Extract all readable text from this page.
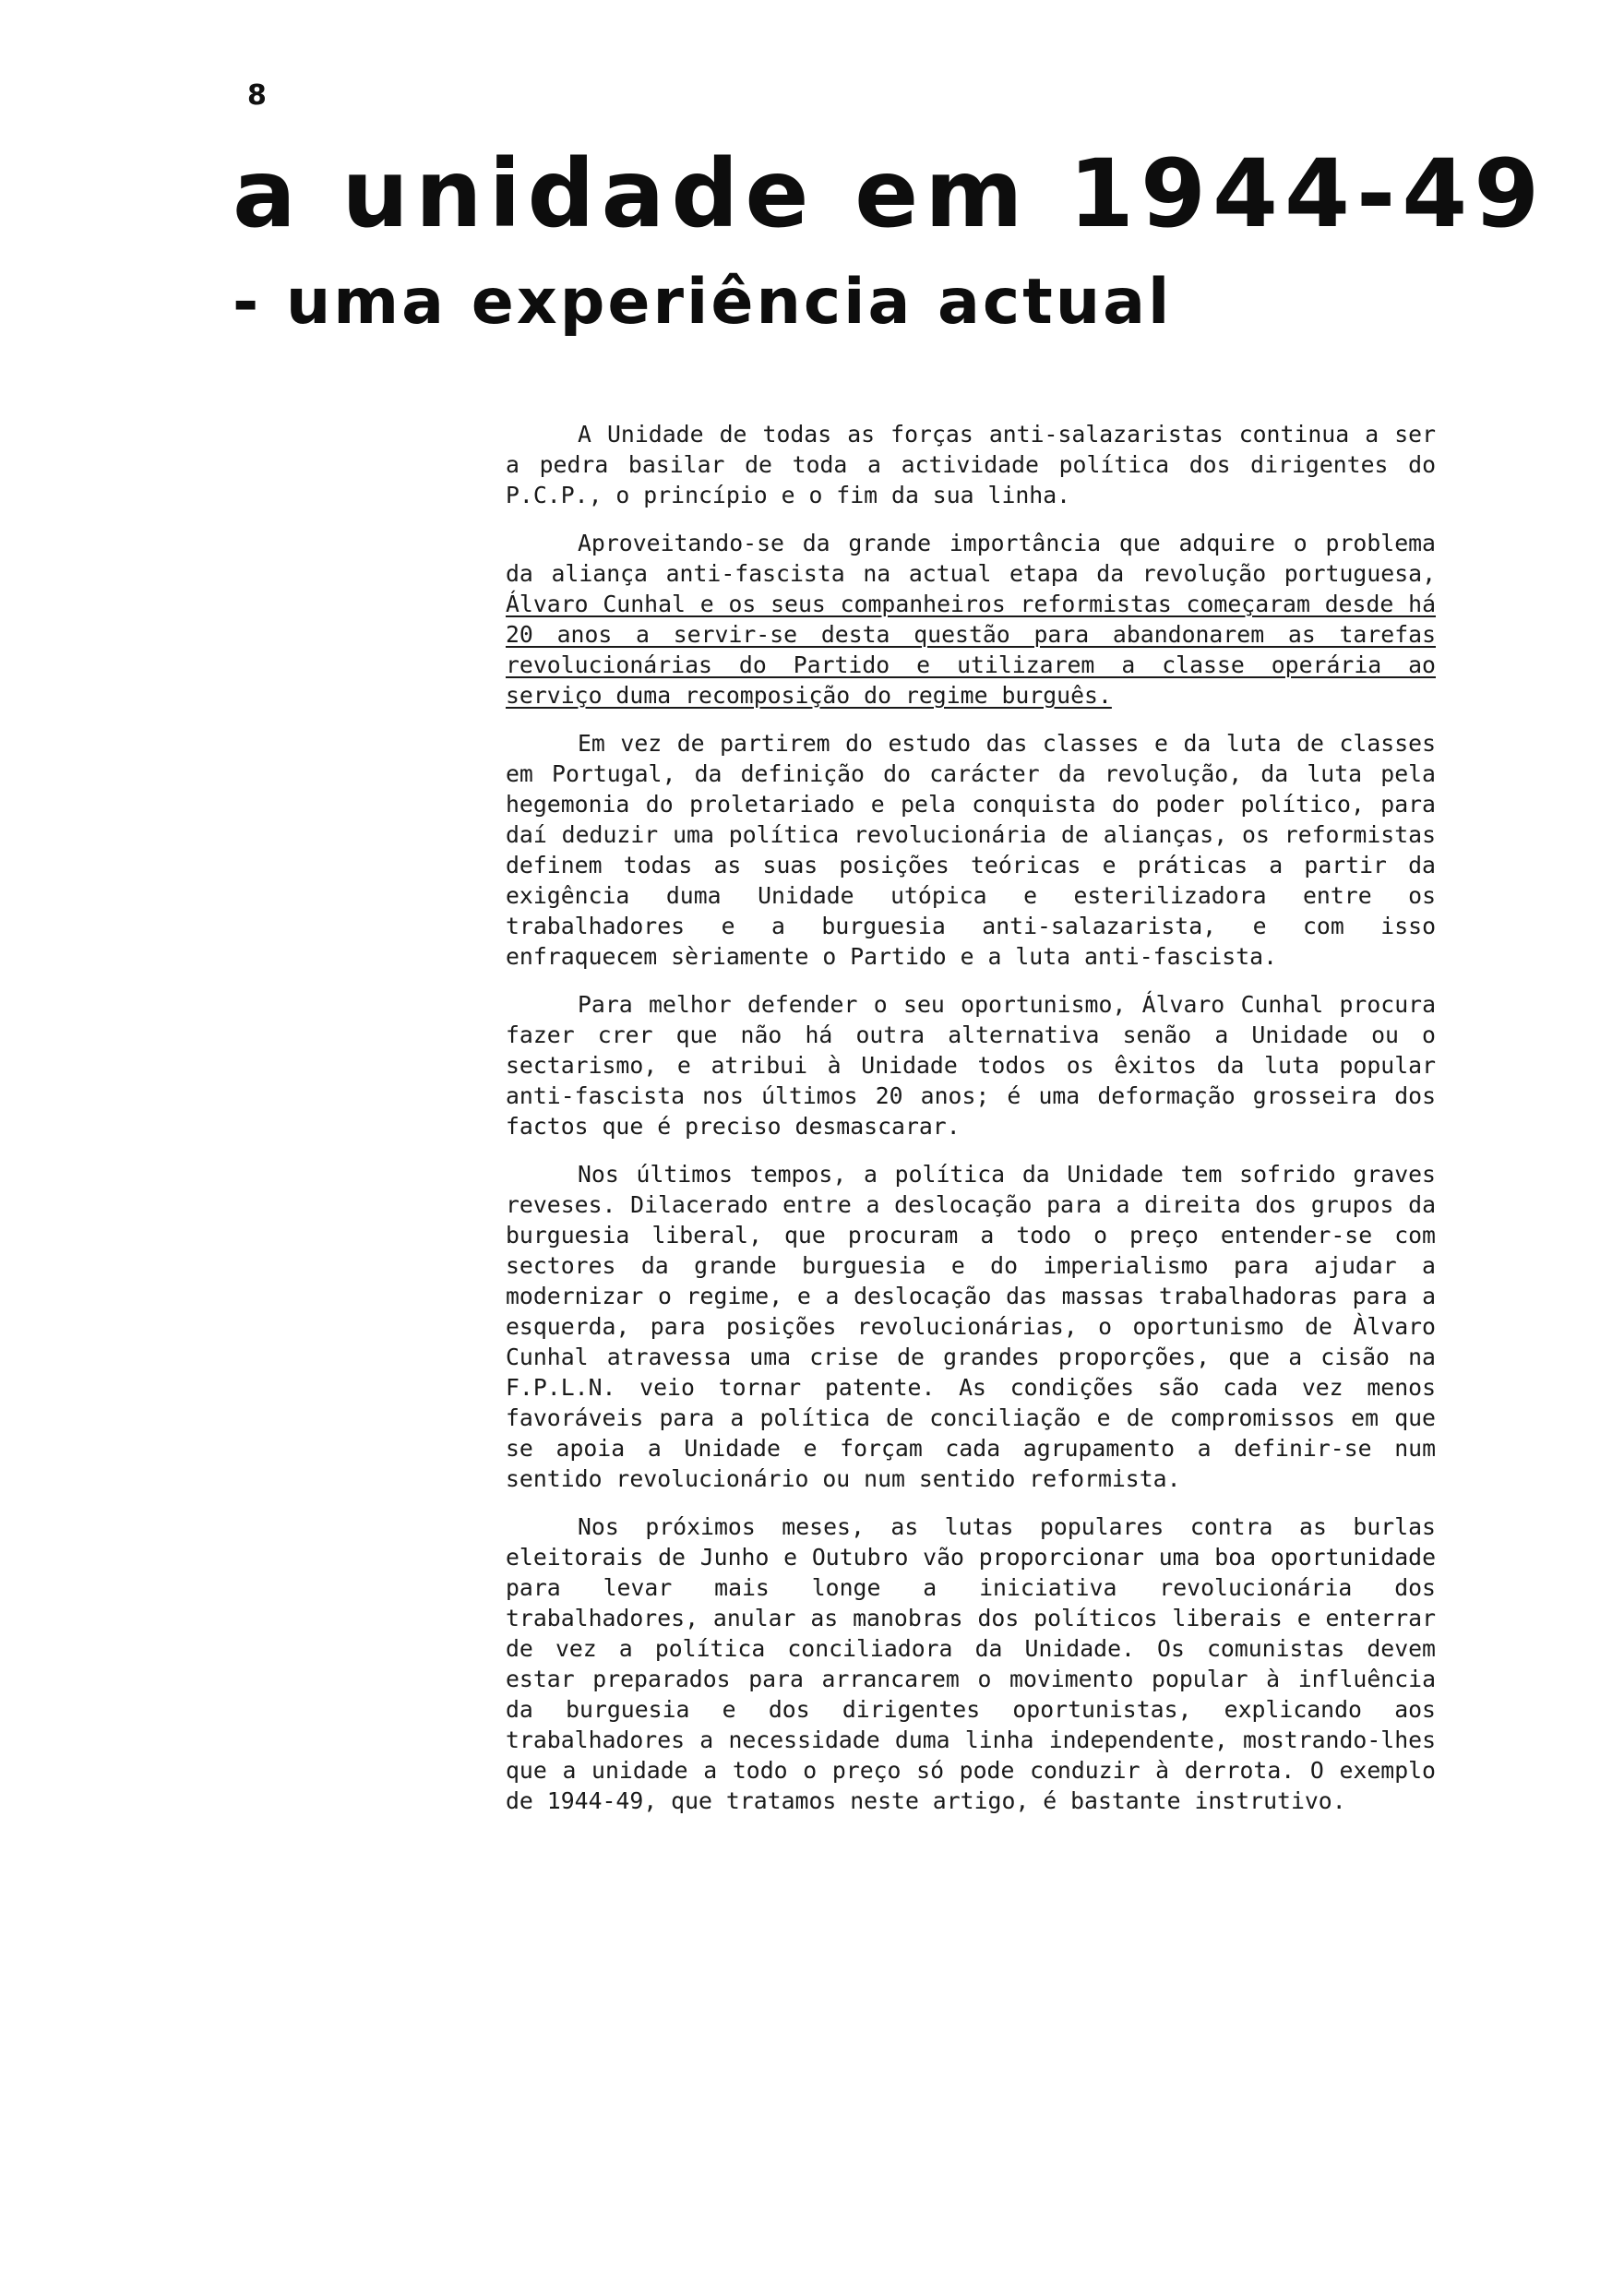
8
a unidade em 1944-49
- uma experiência actual

A Unidade de todas as forças anti-salazaristas continua a ser a pedra basilar de toda a actividade política dos dirigentes do P.C.P., o princípio e o fim da sua linha.

Aproveitando-se da grande importância que adquire o problema da aliança anti-fascista na actual etapa da revolução portuguesa, Álvaro Cunhal e os seus companheiros reformistas começaram desde há 20 anos a servir-se desta questão para abandonarem as tarefas revolucionárias do Partido e utilizarem a classe operária ao serviço duma recomposição do regime burguês.

Em vez de partirem do estudo das classes e da luta de classes em Portugal, da definição do carácter da revolução, da luta pela hegemonia do proletariado e pela conquista do poder político, para daí deduzir uma política revolucionária de alianças, os reformistas definem todas as suas posições teóricas e práticas a partir da exigência duma Unidade utópica e esterilizadora entre os trabalhadores e a burguesia anti-salazarista, e com isso enfraquecem sèriamente o Partido e a luta anti-fascista.

Para melhor defender o seu oportunismo, Álvaro Cunhal procura fazer crer que não há outra alternativa senão a Unidade ou o sectarismo, e atribui à Unidade todos os êxitos da luta popular anti-fascista nos últimos 20 anos; é uma deformação grosseira dos factos que é preciso desmascarar.

Nos últimos tempos, a política da Unidade tem sofrido graves reveses. Dilacerado entre a deslocação para a direita dos grupos da burguesia liberal, que procuram a todo o preço entender-se com sectores da grande burguesia e do imperialismo para ajudar a modernizar o regime, e a deslocação das massas trabalhadoras para a esquerda, para posições revolucionárias, o oportunismo de Àlvaro Cunhal atravessa uma crise de grandes proporções, que a cisão na F.P.L.N. veio tornar patente. As condições são cada vez menos favoráveis para a política de conciliação e de compromissos em que se apoia a Unidade e forçam cada agrupamento a definir-se num sentido revolucionário ou num sentido reformista.

Nos próximos meses, as lutas populares contra as burlas eleitorais de Junho e Outubro vão proporcionar uma boa oportunidade para levar mais longe a iniciativa revolucionária dos trabalhadores, anular as manobras dos políticos liberais e enterrar de vez a política conciliadora da Unidade. Os comunistas devem estar preparados para arrancarem o movimento popular à influência da burguesia e dos dirigentes oportunistas, explicando aos trabalhadores a necessidade duma linha independente, mostrando-lhes que a unidade a todo o preço só pode conduzir à derrota. O exemplo de 1944-49, que tratamos neste artigo, é bastante instrutivo.
